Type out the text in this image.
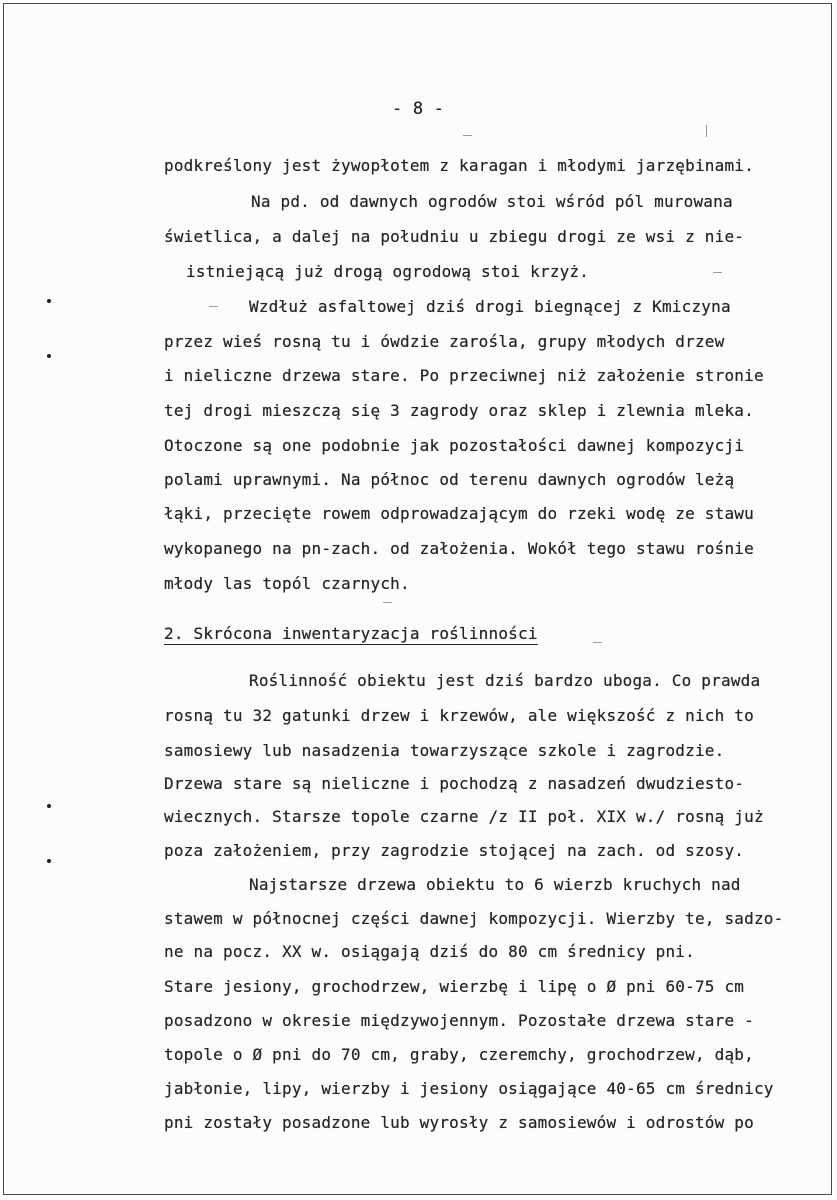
- 8 -
podkreślony jest żywopłotem z karagan i młodymi jarzębinami.
Na pd. od dawnych ogrodów stoi wśród pól murowana
świetlica, a dalej na południu u zbiegu drogi ze wsi z nie-
istniejącą już drogą ogrodową stoi krzyż.
Wzdłuż asfaltowej dziś drogi biegnącej z Kmiczyna
przez wieś rosną tu i ówdzie zarośla, grupy młodych drzew
i nieliczne drzewa stare. Po przeciwnej niż założenie stronie
tej drogi mieszczą się 3 zagrody oraz sklep i zlewnia mleka.
Otoczone są one podobnie jak pozostałości dawnej kompozycji
polami uprawnymi. Na północ od terenu dawnych ogrodów leżą
łąki, przecięte rowem odprowadzającym do rzeki wodę ze stawu
wykopanego na pn-zach. od założenia. Wokół tego stawu rośnie
młody las topól czarnych.
2. Skrócona inwentaryzacja roślinności
Roślinność obiektu jest dziś bardzo uboga. Co prawda
rosną tu 32 gatunki drzew i krzewów, ale większość z nich to
samosiewy lub nasadzenia towarzyszące szkole i zagrodzie.
Drzewa stare są nieliczne i pochodzą z nasadzeń dwudziesto-
wiecznych. Starsze topole czarne /z II poł. XIX w./ rosną już
poza założeniem, przy zagrodzie stojącej na zach. od szosy.
Najstarsze drzewa obiektu to 6 wierzb kruchych nad
stawem w północnej części dawnej kompozycji. Wierzby te, sadzo-
ne na pocz. XX w. osiągają dziś do 80 cm średnicy pni.
Stare jesiony, grochodrzew, wierzbę i lipę o Ø pni 60-75 cm
posadzono w okresie międzywojennym. Pozostałe drzewa stare -
topole o Ø pni do 70 cm, graby, czeremchy, grochodrzew, dąb,
jabłonie, lipy, wierzby i jesiony osiągające 40-65 cm średnicy
pni zostały posadzone lub wyrosły z samosiewów i odrostów po
